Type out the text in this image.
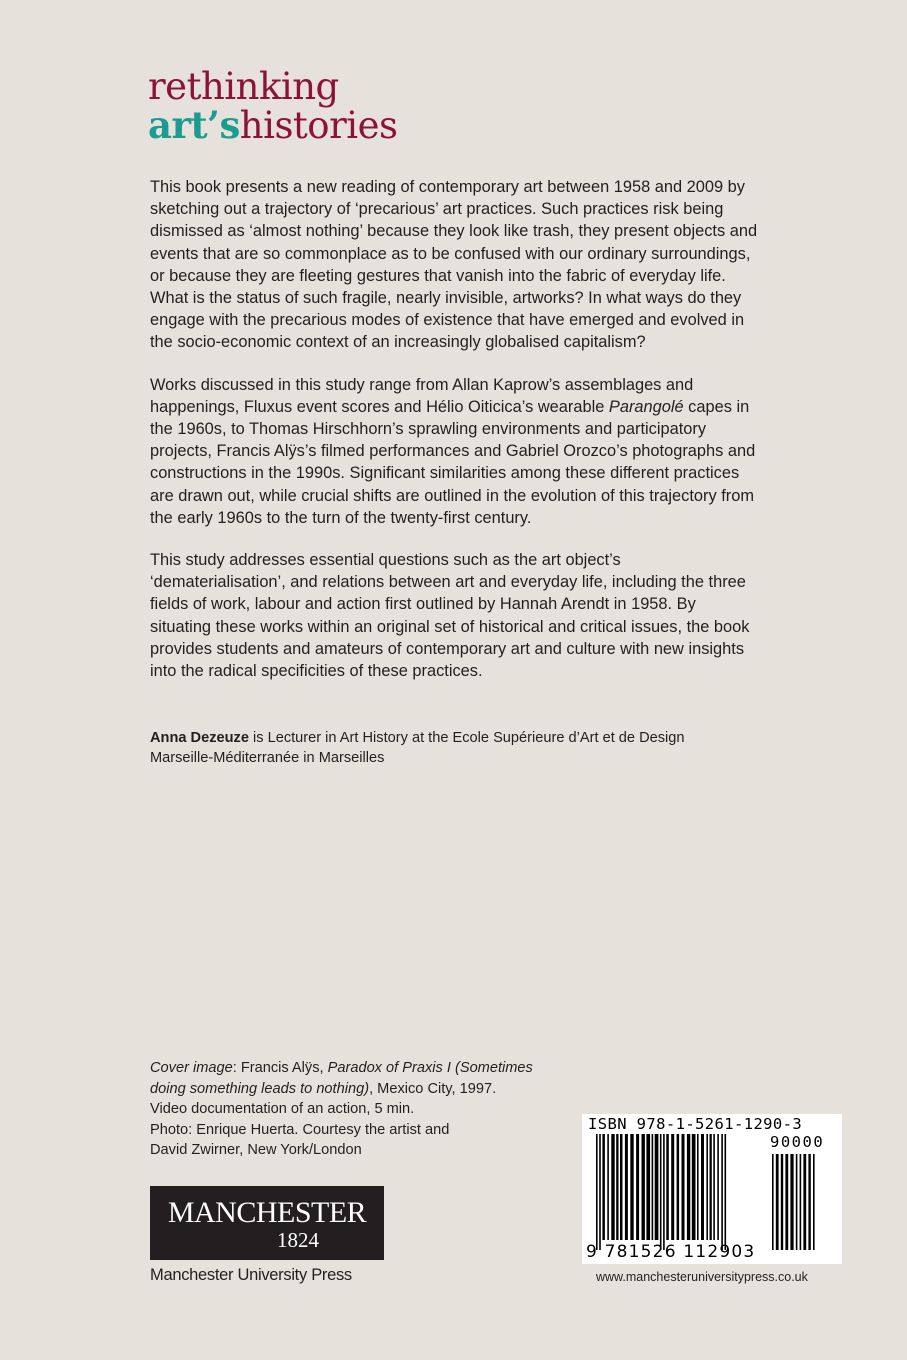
rethinking
art’shistories

This book presents a new reading of contemporary art between 1958 and 2009 by sketching out a trajectory of ‘precarious’ art practices. Such practices risk being dismissed as ‘almost nothing’ because they look like trash, they present objects and events that are so commonplace as to be confused with our ordinary surroundings, or because they are fleeting gestures that vanish into the fabric of everyday life. What is the status of such fragile, nearly invisible, artworks? In what ways do they engage with the precarious modes of existence that have emerged and evolved in the socio-economic context of an increasingly globalised capitalism?

Works discussed in this study range from Allan Kaprow’s assemblages and happenings, Fluxus event scores and Hélio Oiticica’s wearable Parangolé capes in the 1960s, to Thomas Hirschhorn’s sprawling environments and participatory projects, Francis Alÿs’s filmed performances and Gabriel Orozco’s photographs and constructions in the 1990s. Significant similarities among these different practices are drawn out, while crucial shifts are outlined in the evolution of this trajectory from the early 1960s to the turn of the twenty-first century.

This study addresses essential questions such as the art object’s ‘dematerialisation’, and relations between art and everyday life, including the three fields of work, labour and action first outlined by Hannah Arendt in 1958. By situating these works within an original set of historical and critical issues, the book provides students and amateurs of contemporary art and culture with new insights into the radical specificities of these practices.

Anna Dezeuze is Lecturer in Art History at the Ecole Supérieure d’Art et de Design
Marseille-Méditerranée in Marseilles
Cover image: Francis Alÿs, Paradox of Praxis I (Sometimes
doing something leads to nothing), Mexico City, 1997.
Video documentation of an action, 5 min.
Photo: Enrique Huerta. Courtesy the artist and
David Zwirner, New York/London
MANCHESTER
1824
Manchester University Press
ISBN 978-1-5261-1290-3
90000
9 781526 112903
www.manchesteruniversitypress.co.uk
